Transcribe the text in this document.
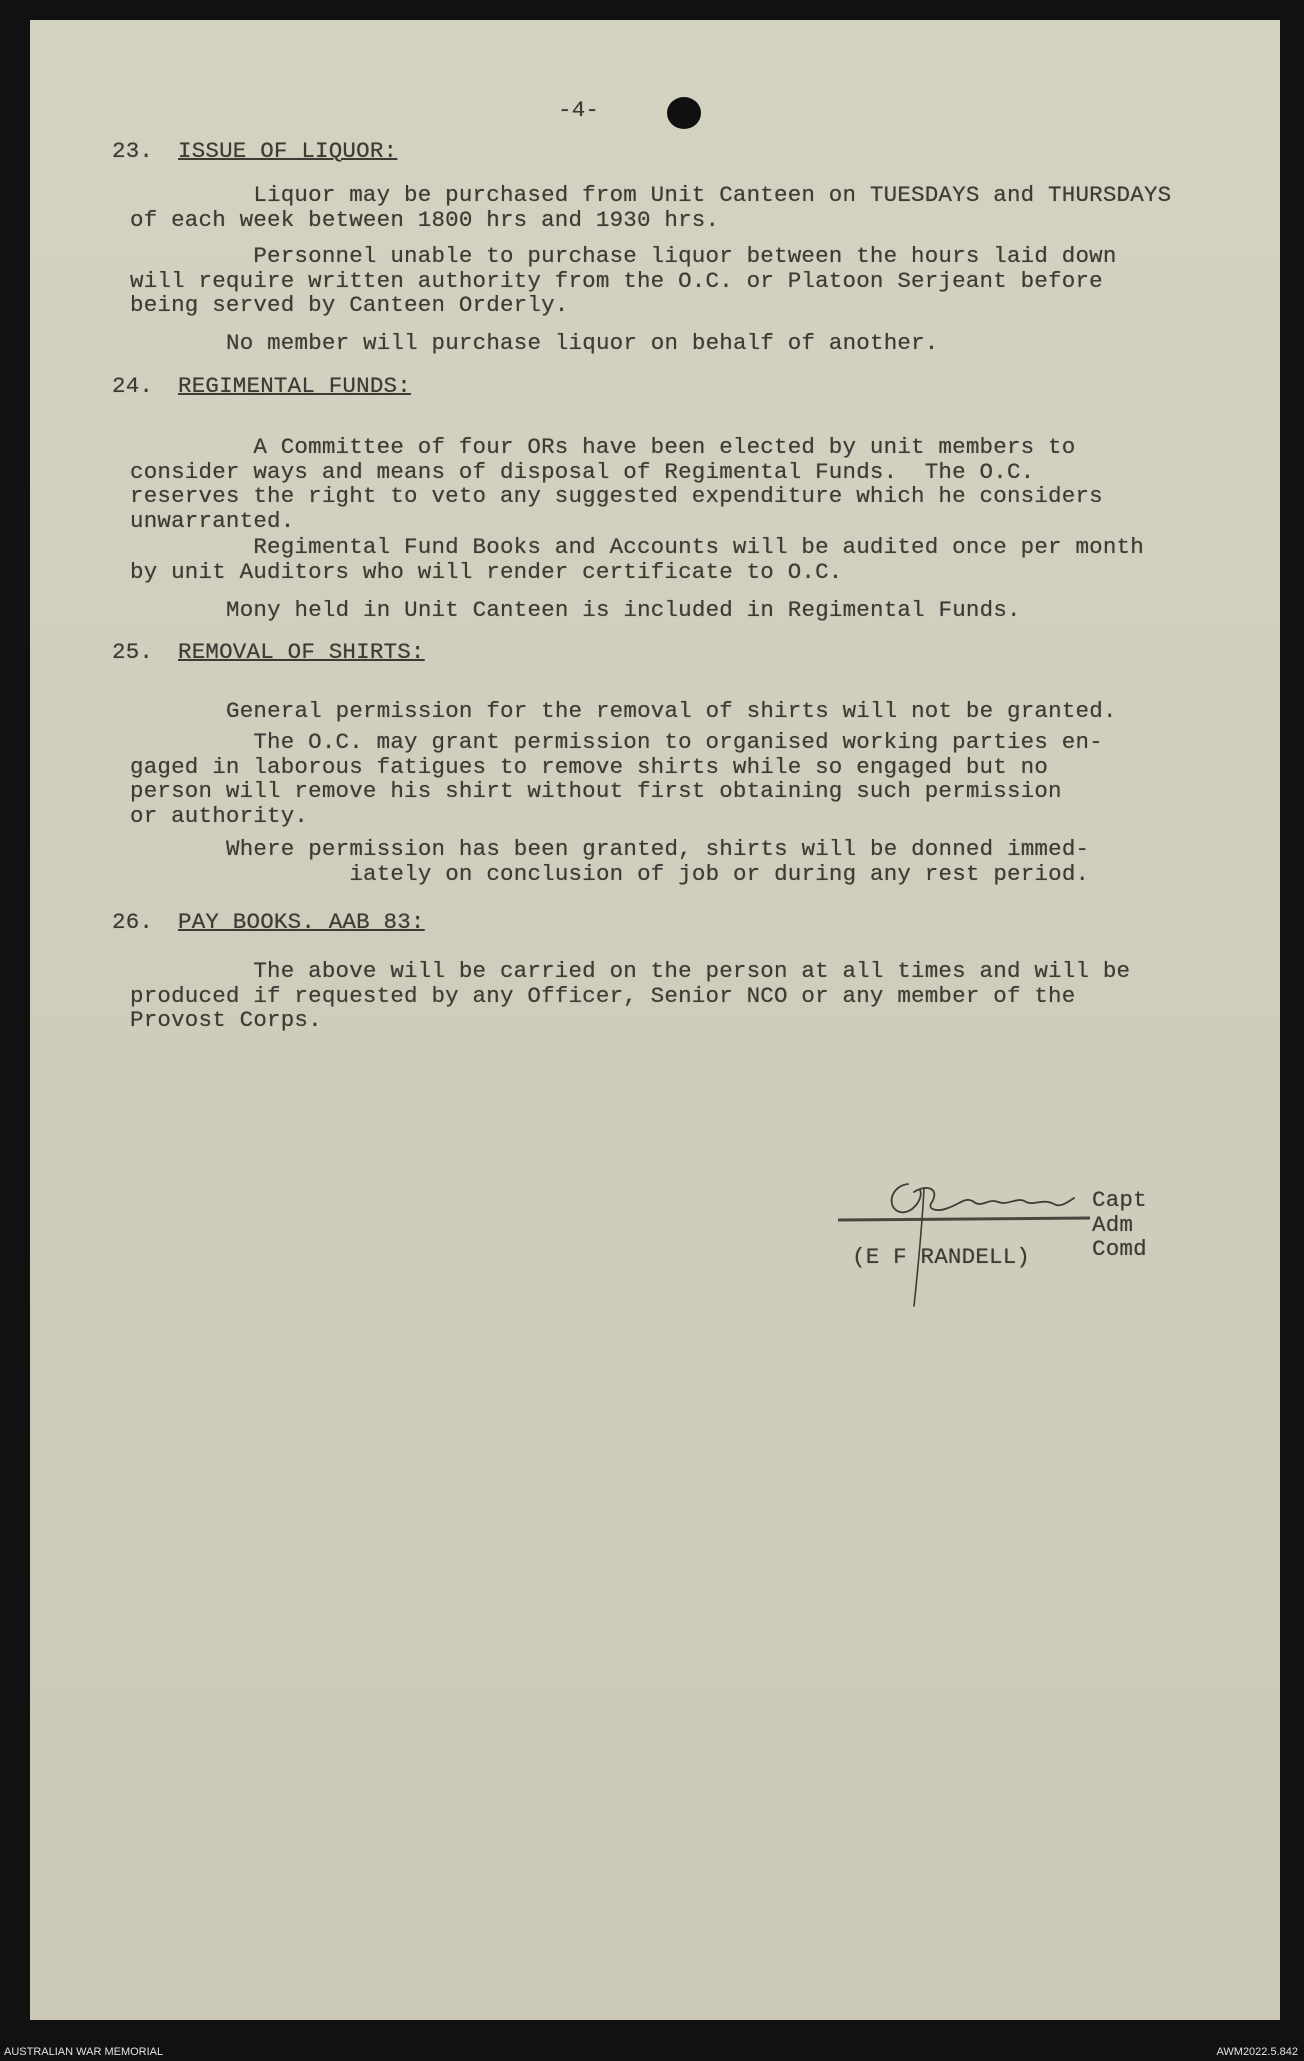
-4-

23. ISSUE OF LIQUOR:

Liquor may be purchased from Unit Canteen on TUESDAYS and THURSDAYS
of each week between 1800 hrs and 1930 hrs.

Personnel unable to purchase liquor between the hours laid down
will require written authority from the O.C. or Platoon Serjeant before
being served by Canteen Orderly.

No member will purchase liquor on behalf of another.

24. REGIMENTAL FUNDS:

A Committee of four ORs have been elected by unit members to
consider ways and means of disposal of Regimental Funds.  The O.C.
reserves the right to veto any suggested expenditure which he considers
unwarranted.

Regimental Fund Books and Accounts will be audited once per month
by unit Auditors who will render certificate to O.C.

Mony held in Unit Canteen is included in Regimental Funds.

25. REMOVAL OF SHIRTS:

General permission for the removal of shirts will not be granted.

The O.C. may grant permission to organised working parties en-
gaged in laborous fatigues to remove shirts while so engaged but no
person will remove his shirt without first obtaining such permission
or authority.

Where permission has been granted, shirts will be donned immed-
iately on conclusion of job or during any rest period.

26. PAY BOOKS. AAB 83:

The above will be carried on the person at all times and will be
produced if requested by any Officer, Senior NCO or any member of the
Provost Corps.

Capt
Adm
Comd

(E F RANDELL)

AUSTRALIAN WAR MEMORIAL	AWM2022.5.842
